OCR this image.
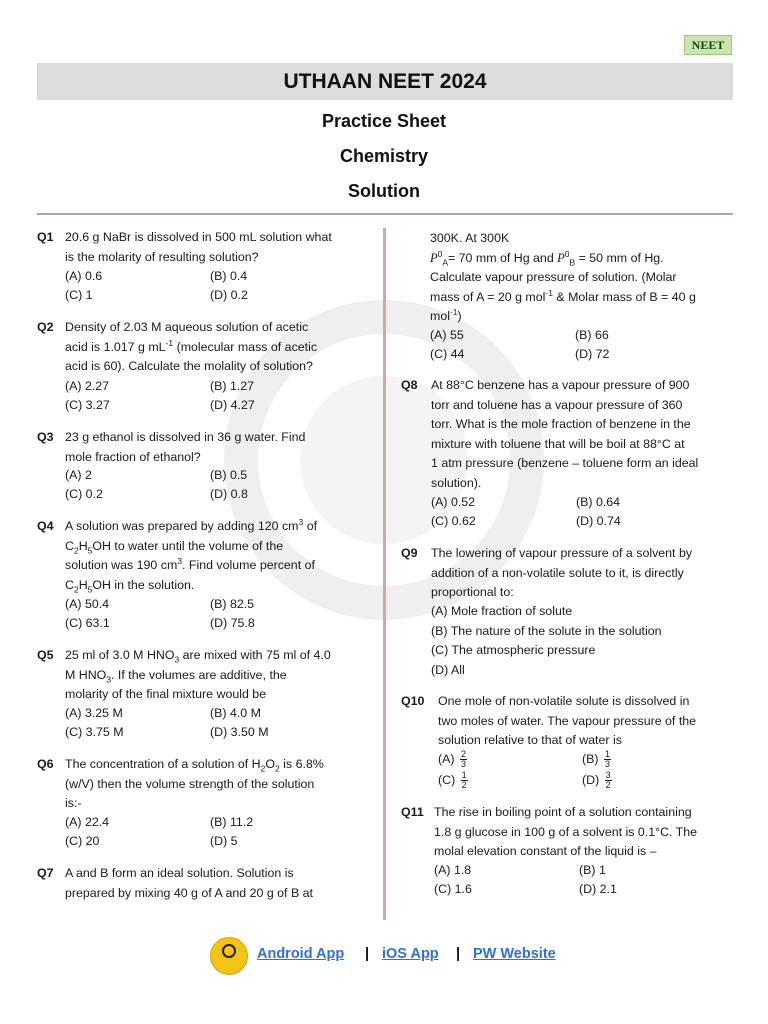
NEET
UTHAAN NEET 2024
Practice Sheet
Chemistry
Solution
Q1 20.6 g NaBr is dissolved in 500 mL solution what
is the molarity of resulting solution?
(A) 0.6	(B) 0.4
(C) 1	(D) 0.2
Q2 Density of 2.03 M aqueous solution of acetic
acid is 1.017 g $mL^{-1}$ (molecular mass of acetic
acid is 60). Calculate the molality of solution?
(A) 2.27	(B) 1.27
(C) 3.27	(D) 4.27
Q3 23 g ethanol is dissolved in 36 g water. Find
mole fraction of ethanol?
(A) 2	(B) 0.5
(C) 0.2	(D) 0.8
Q4 A solution was prepared by adding 120 $cm^3$ of
$C_2H_5OH$ to water until the volume of the
solution was 190 $cm^3$. Find volume percent of
$C_2H_5OH$ in the solution.
(A) 50.4	(B) 82.5
(C) 63.1	(D) 75.8
Q5 25 ml of 3.0 M $HNO_3$ are mixed with 75 ml of 4.0
M $HNO_3$. If the volumes are additive, the
molarity of the final mixture would be
(A) 3.25 M	(B) 4.0 M
(C) 3.75 M	(D) 3.50 M
Q6 The concentration of a solution of $H_2O_2$ is 6.8%
(w/V) then the volume strength of the solution
is:-
(A) 22.4	(B) 11.2
(C) 20	(D) 5
Q7 A and B form an ideal solution. Solution is
prepared by mixing 40 g of A and 20 g of B at
300K. At 300K
$P^0_A= 70$ mm of Hg and $P^0_B = 50$ mm of Hg.
Calculate vapour pressure of solution. (Molar
mass of A = 20 g mol$^{-1}$ & Molar mass of B = 40 g
mol$^{-1}$)
(A) 55	(B) 66
(C) 44	(D) 72
Q8 At 88°C benzene has a vapour pressure of 900
torr and toluene has a vapour pressure of 360
torr. What is the mole fraction of benzene in the
mixture with toluene that will be boil at 88°C at
1 atm pressure (benzene – toluene form an ideal
solution).
(A) 0.52	(B) 0.64
(C) 0.62	(D) 0.74
Q9 The lowering of vapour pressure of a solvent by
addition of a non-volatile solute to it, is directly
proportional to:
(A) Mole fraction of solute
(B) The nature of the solute in the solution
(C) The atmospheric pressure
(D) All
Q10 One mole of non-volatile solute is dissolved in
two moles of water. The vapour pressure of the
solution relative to that of water is
$(A) \frac{2}{3}$	$(B) \frac{1}{3}$
$(C) \frac{1}{2}$	$(D) \frac{3}{2}$
Q11 The rise in boiling point of a solution containing
1.8 g glucose in 100 g of a solvent is 0.1°C. The
molal elevation constant of the liquid is –
(A) 1.8	(B) 1
(C) 1.6	(D) 2.1
Android App | iOS App | PW Website
